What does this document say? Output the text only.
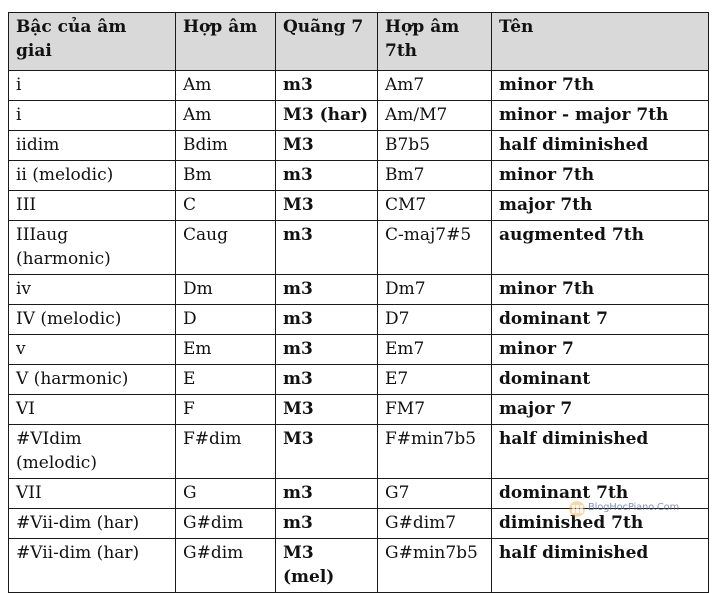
Bậc của âm giai	Hợp âm	Quãng 7	Hợp âm 7th	Tên
i	Am	m3	Am7	minor 7th
i	Am	M3 (har)	Am/M7	minor - major 7th
iidim	Bdim	M3	B7b5	half diminished
ii (melodic)	Bm	m3	Bm7	minor 7th
III	C	M3	CM7	major 7th
IIIaug (harmonic)	Caug	m3	C-maj7#5	augmented 7th
iv	Dm	m3	Dm7	minor 7th
IV (melodic)	D	m3	D7	dominant 7
v	Em	m3	Em7	minor 7
V (harmonic)	E	m3	E7	dominant
VI	F	M3	FM7	major 7
#VIdim (melodic)	F#dim	M3	F#min7b5	half diminished
VII	G	m3	G7	dominant 7th
#Vii-dim (har)	G#dim	m3	G#dim7	diminished 7th
#Vii-dim (har)	G#dim	M3 (mel)	G#min7b5	half diminished
BlogHocPiano.Com
